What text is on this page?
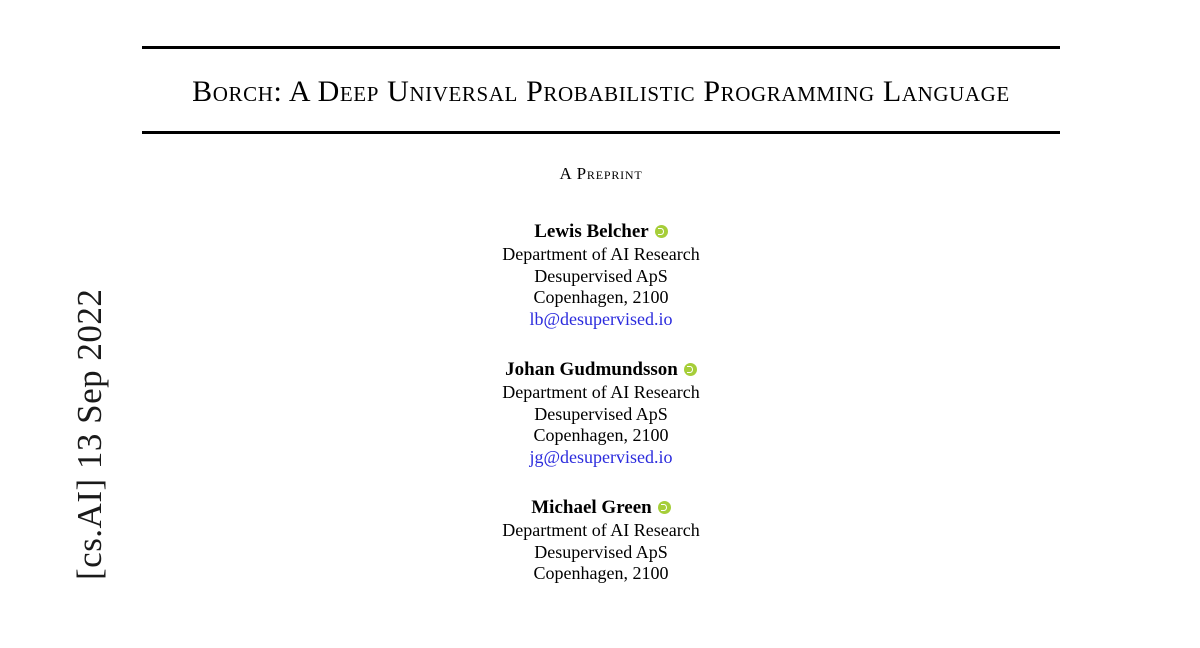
[cs.AI] 13 Sep 2022
Borch: A Deep Universal Probabilistic Programming Language
A Preprint
Lewis Belcher
Department of AI Research
Desupervised ApS
Copenhagen, 2100
lb@desupervised.io
Johan Gudmundsson
Department of AI Research
Desupervised ApS
Copenhagen, 2100
jg@desupervised.io
Michael Green
Department of AI Research
Desupervised ApS
Copenhagen, 2100
